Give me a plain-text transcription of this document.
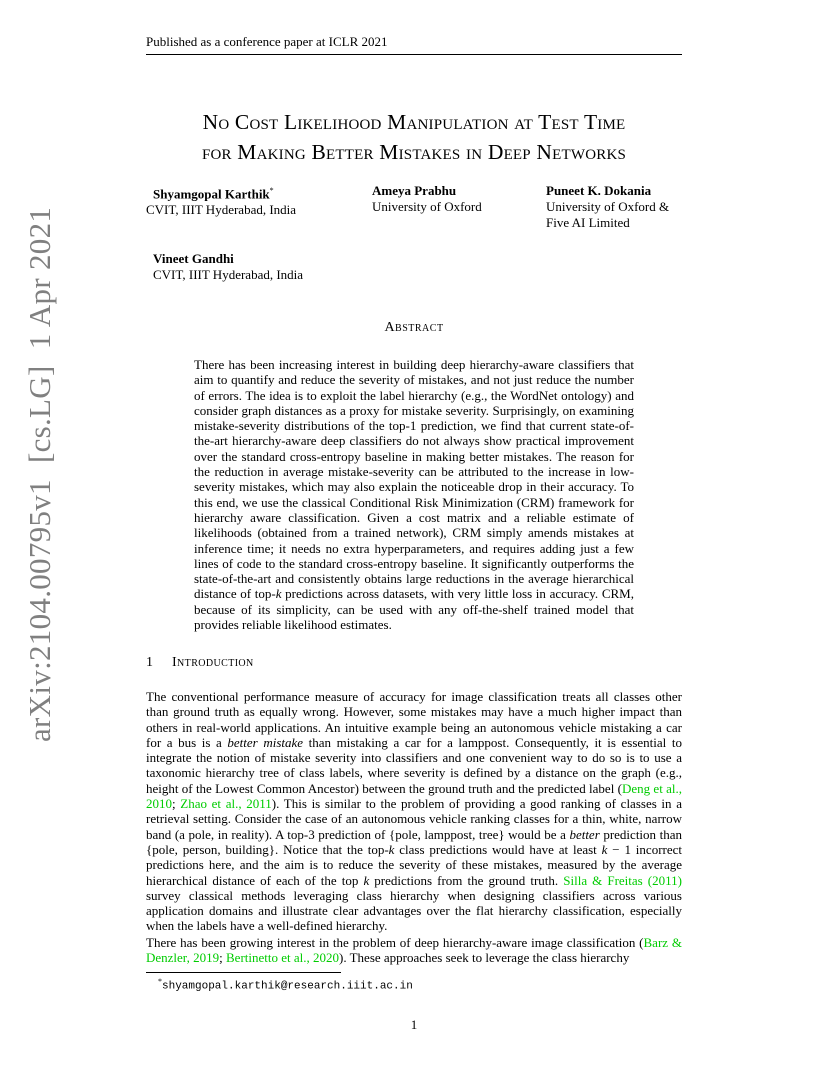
Published as a conference paper at ICLR 2021
No Cost Likelihood Manipulation at Test Time
for Making Better Mistakes in Deep Networks
Shyamgopal Karthik*
CVIT, IIIT Hyderabad, India
Ameya Prabhu
University of Oxford
Puneet K. Dokania
University of Oxford &
Five AI Limited
Vineet Gandhi
CVIT, IIIT Hyderabad, India
arXiv:2104.00795v1  [cs.LG]  1 Apr 2021	Abstract
There has been increasing interest in building deep hierarchy-aware classifiers that aim to quantify and reduce the severity of mistakes, and not just reduce the number of errors. The idea is to exploit the label hierarchy (e.g., the WordNet ontology) and consider graph distances as a proxy for mistake severity. Surprisingly, on examining mistake-severity distributions of the top-1 prediction, we find that current state-of-the-art hierarchy-aware deep classifiers do not always show practical improvement over the standard cross-entropy baseline in making better mistakes. The reason for the reduction in average mistake-severity can be attributed to the increase in low-severity mistakes, which may also explain the noticeable drop in their accuracy. To this end, we use the classical Conditional Risk Minimization (CRM) framework for hierarchy aware classification. Given a cost matrix and a reliable estimate of likelihoods (obtained from a trained network), CRM simply amends mistakes at inference time; it needs no extra hyperparameters, and requires adding just a few lines of code to the standard cross-entropy baseline. It significantly outperforms the state-of-the-art and consistently obtains large reductions in the average hierarchical distance of top-k predictions across datasets, with very little loss in accuracy. CRM, because of its simplicity, can be used with any off-the-shelf trained model that provides reliable likelihood estimates.
1 Introduction
The conventional performance measure of accuracy for image classification treats all classes other than ground truth as equally wrong. However, some mistakes may have a much higher impact than others in real-world applications. An intuitive example being an autonomous vehicle mistaking a car for a bus is a better mistake than mistaking a car for a lamppost. Consequently, it is essential to integrate the notion of mistake severity into classifiers and one convenient way to do so is to use a taxonomic hierarchy tree of class labels, where severity is defined by a distance on the graph (e.g., height of the Lowest Common Ancestor) between the ground truth and the predicted label (Deng et al., 2010; Zhao et al., 2011). This is similar to the problem of providing a good ranking of classes in a retrieval setting. Consider the case of an autonomous vehicle ranking classes for a thin, white, narrow band (a pole, in reality). A top-3 prediction of {pole, lamppost, tree} would be a better prediction than {pole, person, building}. Notice that the top-k class predictions would have at least k − 1 incorrect predictions here, and the aim is to reduce the severity of these mistakes, measured by the average hierarchical distance of each of the top k predictions from the ground truth. Silla & Freitas (2011) survey classical methods leveraging class hierarchy when designing classifiers across various application domains and illustrate clear advantages over the flat hierarchy classification, especially when the labels have a well-defined hierarchy.
There has been growing interest in the problem of deep hierarchy-aware image classification (Barz & Denzler, 2019; Bertinetto et al., 2020). These approaches seek to leverage the class hierarchy
*shyamgopal.karthik@research.iiit.ac.in
1
